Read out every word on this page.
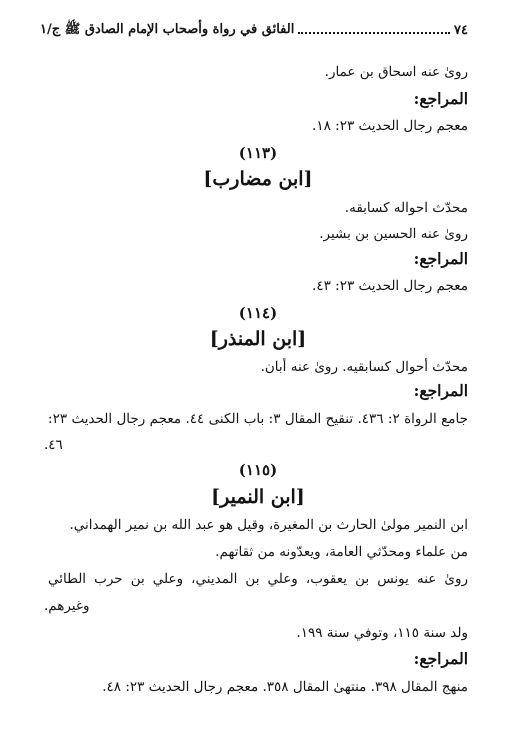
٧٤
الفائق في رواة وأصحاب الإمام الصادق ﷺ ج/١
رویٰ عنه اسحاق بن عمار.
المراجع:
معجم رجال الحديث ٢٣: ١٨.
(١١٣)
[ابن مضارب]
محدّث احواله كسابقه.
رویٰ عنه الحسين بن بشير.
المراجع:
معجم رجال الحديث ٢٣: ٤٣.
(١١٤)
[ابن المنذر]
محدّث أحوال كسابقيه. رویٰ عنه أبان.
المراجع:
جامع الرواة ٢: ٤٣٦. تنقيح المقال ٣: باب الكنى ٤٤. معجم رجال الحديث ٢٣:
٤٦.
(١١٥)
[ابن النمير]
ابن النمير مولىٰ الحارث بن المغيرة، وقيل هو عبد الله بن نمير الهمداني.
من علماء ومحدّثي العامة، ويعدّونه من ثقاتهم.
رویٰ عنه يونس بن يعقوب، وعلي بن المديني، وعلي بن حرب الطائي
وغيرهم.
ولد سنة ١١٥، وتوفي سنة ١٩٩.
المراجع:
منهج المقال ٣٩٨. منتهىٰ المقال ٣٥٨. معجم رجال الحديث ٢٣: ٤٨.
